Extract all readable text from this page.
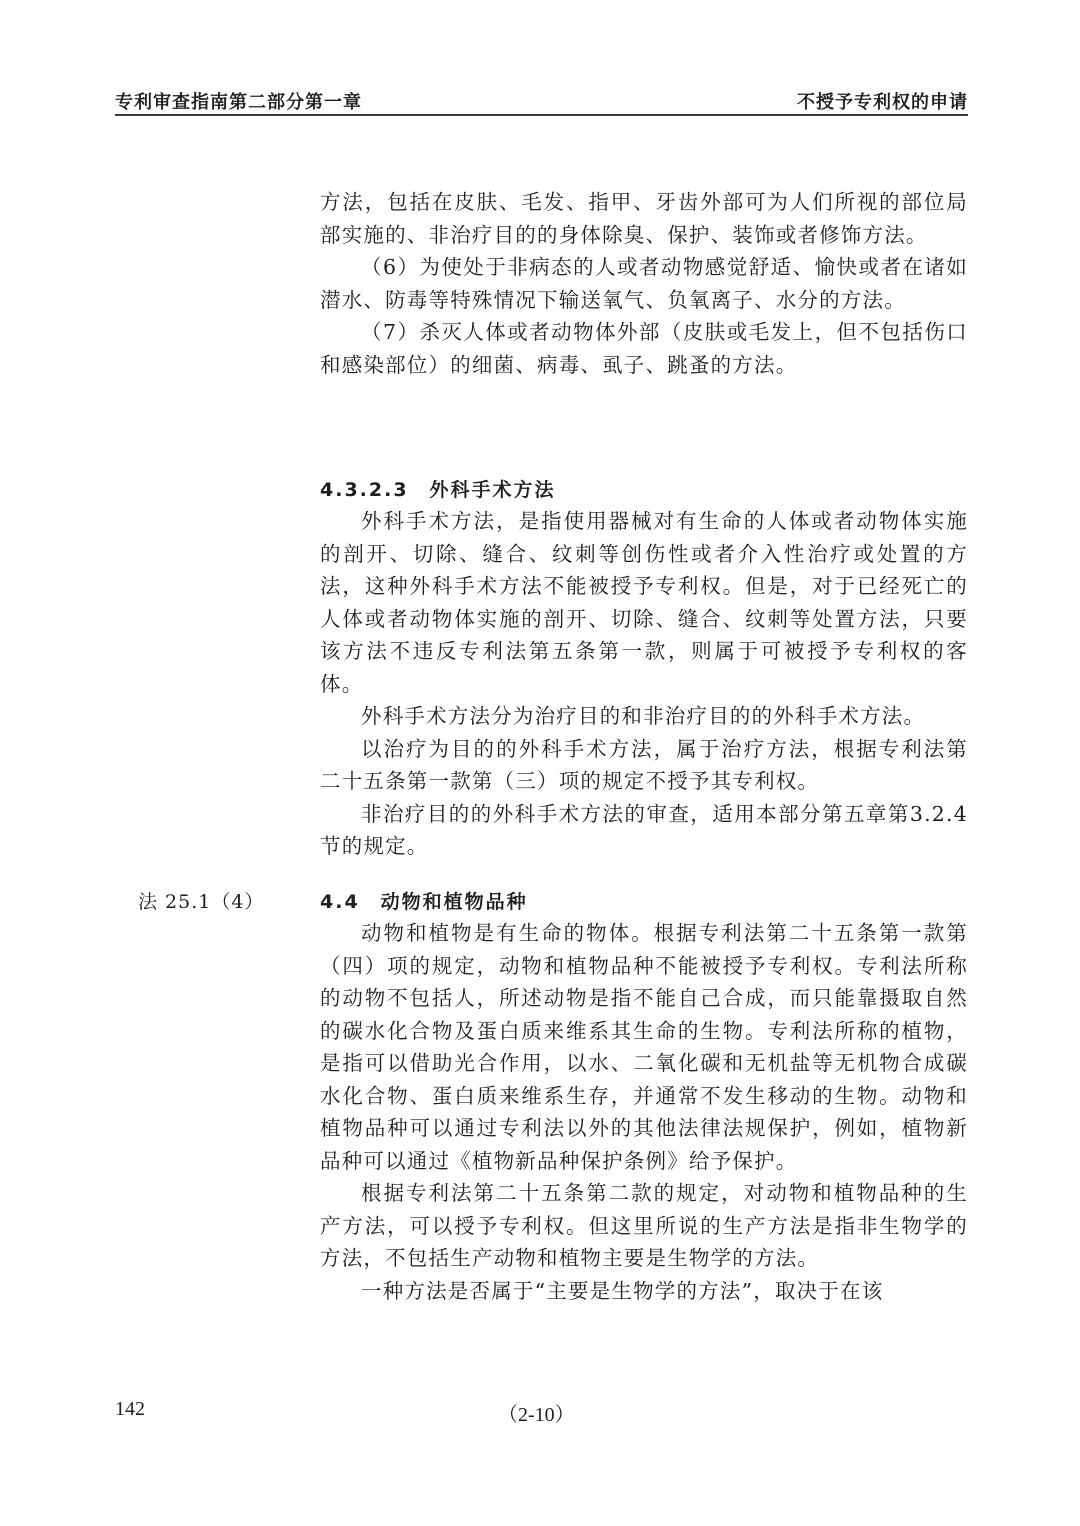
专利审查指南第二部分第一章	不授予专利权的申请

方法，包括在皮肤、毛发、指甲、牙齿外部可为人们所视的部位局部实施的、非治疗目的的身体除臭、保护、装饰或者修饰方法。

（6）为使处于非病态的人或者动物感觉舒适、愉快或者在诸如潜水、防毒等特殊情况下输送氧气、负氧离子、水分的方法。

（7）杀灭人体或者动物体外部（皮肤或毛发上，但不包括伤口和感染部位）的细菌、病毒、虱子、跳蚤的方法。

4.3.2.3　外科手术方法

外科手术方法，是指使用器械对有生命的人体或者动物体实施的剖开、切除、缝合、纹刺等创伤性或者介入性治疗或处置的方法，这种外科手术方法不能被授予专利权。但是，对于已经死亡的人体或者动物体实施的剖开、切除、缝合、纹刺等处置方法，只要该方法不违反专利法第五条第一款，则属于可被授予专利权的客体。

外科手术方法分为治疗目的和非治疗目的的外科手术方法。

以治疗为目的的外科手术方法，属于治疗方法，根据专利法第二十五条第一款第（三）项的规定不授予其专利权。

非治疗目的的外科手术方法的审查，适用本部分第五章第3.2.4 节的规定。

法 25.1（4）	4.4　动物和植物品种

动物和植物是有生命的物体。根据专利法第二十五条第一款第（四）项的规定，动物和植物品种不能被授予专利权。专利法所称的动物不包括人，所述动物是指不能自己合成，而只能靠摄取自然的碳水化合物及蛋白质来维系其生命的生物。专利法所称的植物，是指可以借助光合作用，以水、二氧化碳和无机盐等无机物合成碳水化合物、蛋白质来维系生存，并通常不发生移动的生物。动物和植物品种可以通过专利法以外的其他法律法规保护，例如，植物新品种可以通过《植物新品种保护条例》给予保护。

根据专利法第二十五条第二款的规定，对动物和植物品种的生产方法，可以授予专利权。但这里所说的生产方法是指非生物学的方法，不包括生产动物和植物主要是生物学的方法。

一种方法是否属于“主要是生物学的方法”，取决于在该

142	（2-10）
